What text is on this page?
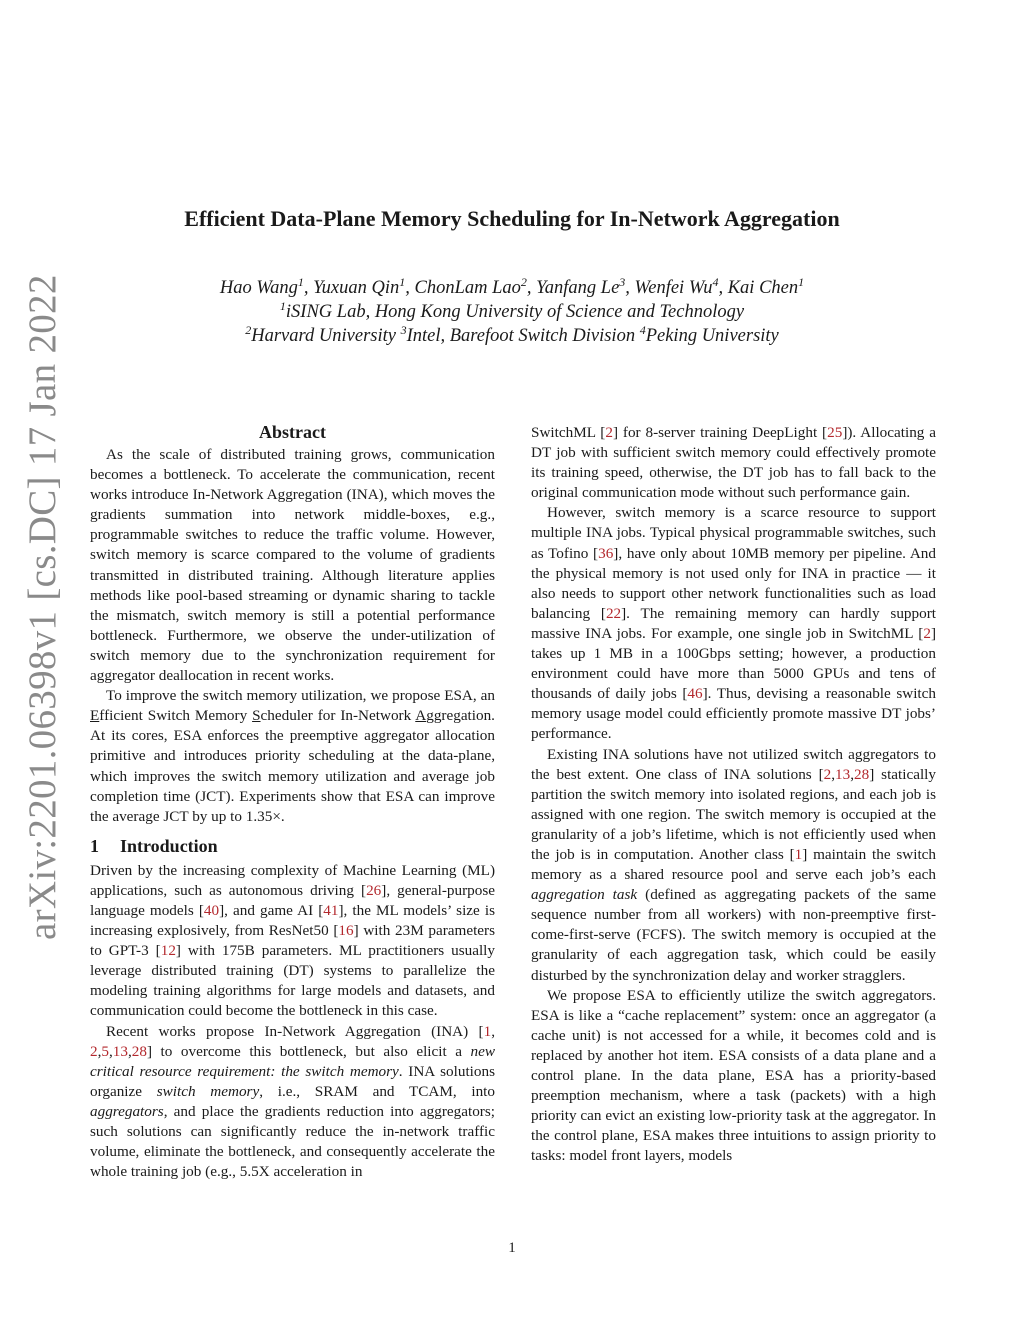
arXiv:2201.06398v1 [cs.DC] 17 Jan 2022
Efficient Data-Plane Memory Scheduling for In-Network Aggregation
Hao Wang$^1$, Yuxuan Qin$^1$, ChonLam Lao$^2$, Yanfang Le$^3$, Wenfei Wu$^4$, Kai Chen$^1$
$^1$iSING Lab, Hong Kong University of Science and Technology
$^2$Harvard University $^3$Intel, Barefoot Switch Division $^4$Peking University
Abstract

As the scale of distributed training grows, communication becomes a bottleneck. To accelerate the communication, recent works introduce In-Network Aggregation (INA), which moves the gradients summation into network middle-boxes, e.g., programmable switches to reduce the traffic volume. However, switch memory is scarce compared to the volume of gradients transmitted in distributed training. Although literature applies methods like pool-based streaming or dynamic sharing to tackle the mismatch, switch memory is still a potential performance bottleneck. Furthermore, we observe the under-utilization of switch memory due to the synchronization requirement for aggregator deallocation in recent works.

To improve the switch memory utilization, we propose ESA, an Efficient Switch Memory Scheduler for In-Network Aggregation. At its cores, ESA enforces the preemptive aggregator allocation primitive and introduces priority scheduling at the data-plane, which improves the switch memory utilization and average job completion time (JCT). Experiments show that ESA can improve the average JCT by up to 1.35×.

1 Introduction

Driven by the increasing complexity of Machine Learning (ML) applications, such as autonomous driving [26], general-purpose language models [40], and game AI [41], the ML models’ size is increasing explosively, from ResNet50 [16] with 23M parameters to GPT-3 [12] with 175B parameters. ML practitioners usually leverage distributed training (DT) systems to parallelize the modeling training algorithms for large models and datasets, and communication could become the bottleneck in this case.

Recent works propose In-Network Aggregation (INA) [1, 2,5,13,28] to overcome this bottleneck, but also elicit a new critical resource requirement: the switch memory. INA solutions organize switch memory, i.e., SRAM and TCAM, into aggregators, and place the gradients reduction into aggregators; such solutions can significantly reduce the in-network traffic volume, eliminate the bottleneck, and consequently accelerate the whole training job (e.g., 5.5X acceleration in

SwitchML [2] for 8-server training DeepLight [25]). Allocating a DT job with sufficient switch memory could effectively promote its training speed, otherwise, the DT job has to fall back to the original communication mode without such performance gain.

However, switch memory is a scarce resource to support multiple INA jobs. Typical physical programmable switches, such as Tofino [36], have only about 10MB memory per pipeline. And the physical memory is not used only for INA in practice — it also needs to support other network functionalities such as load balancing [22]. The remaining memory can hardly support massive INA jobs. For example, one single job in SwitchML [2] takes up 1 MB in a 100Gbps setting; however, a production environment could have more than 5000 GPUs and tens of thousands of daily jobs [46]. Thus, devising a reasonable switch memory usage model could efficiently promote massive DT jobs’ performance.

Existing INA solutions have not utilized switch aggregators to the best extent. One class of INA solutions [2,13,28] statically partition the switch memory into isolated regions, and each job is assigned with one region. The switch memory is occupied at the granularity of a job’s lifetime, which is not efficiently used when the job is in computation. Another class [1] maintain the switch memory as a shared resource pool and serve each job’s each aggregation task (defined as aggregating packets of the same sequence number from all workers) with non-preemptive first-come-first-serve (FCFS). The switch memory is occupied at the granularity of each aggregation task, which could be easily disturbed by the synchronization delay and worker stragglers.

We propose ESA to efficiently utilize the switch aggregators. ESA is like a “cache replacement” system: once an aggregator (a cache unit) is not accessed for a while, it becomes cold and is replaced by another hot item. ESA consists of a data plane and a control plane. In the data plane, ESA has a priority-based preemption mechanism, where a task (packets) with a high priority can evict an existing low-priority task at the aggregator. In the control plane, ESA makes three intuitions to assign priority to tasks: model front layers, models

1
